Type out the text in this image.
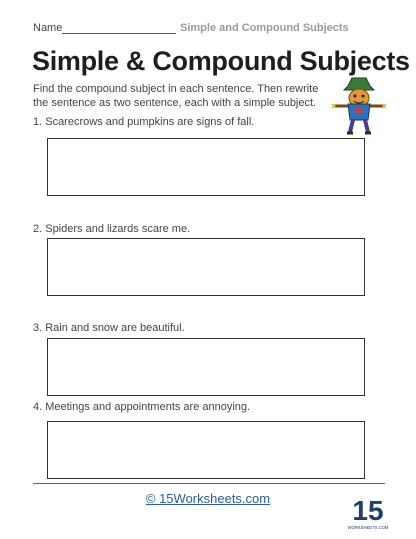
Name	Simple and Compound Subjects
Simple & Compound Subjects
Find the compound subject in each sentence. Then rewrite the sentence as two sentence, each with a simple subject.
1. Scarecrows and pumpkins are signs of fall.
2. Spiders and lizards scare me.
3. Rain and snow are beautiful.
4. Meetings and appointments are annoying.
© 15Worksheets.com	15
WORKSHEETS.COM
